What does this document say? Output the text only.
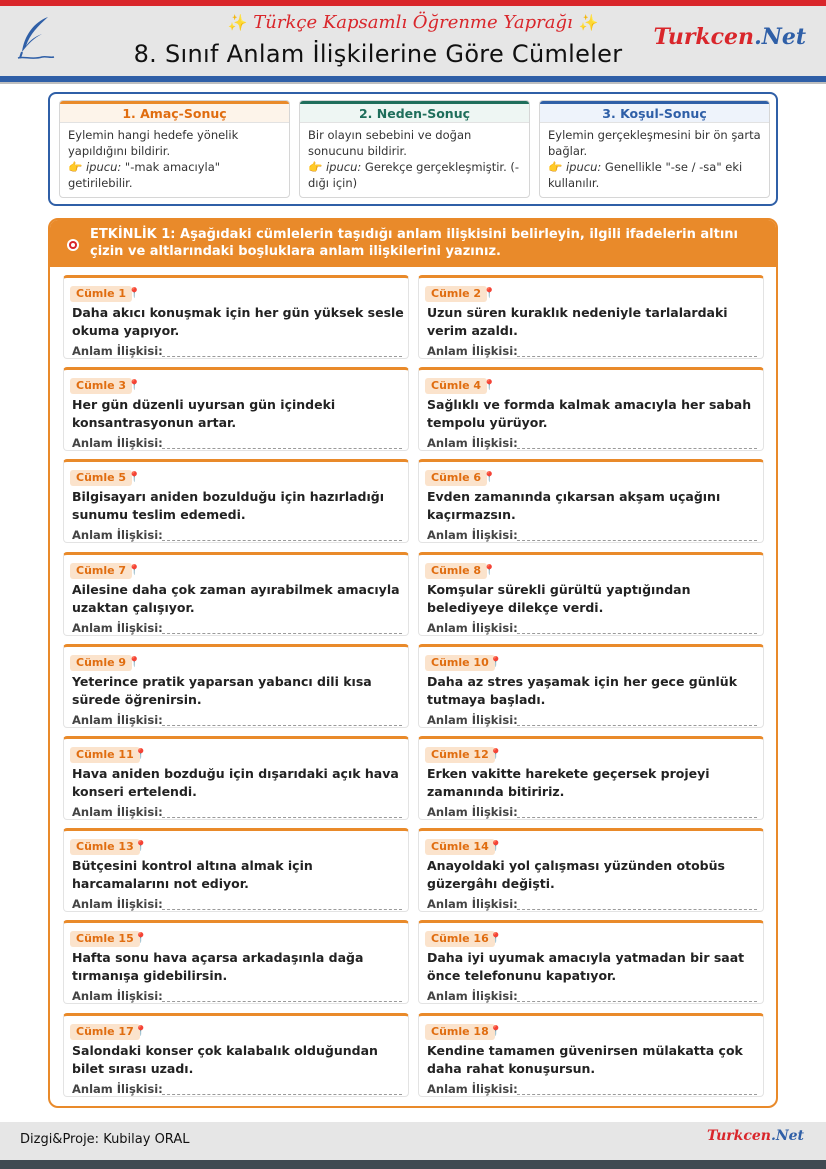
✨ Türkçe Kapsamlı Öğrenme Yaprağı ✨
8. Sınıf Anlam İlişkilerine Göre Cümleler
Turkcen.Net
1. Amaç-Sonuç
Eylemin hangi hedefe yönelik yapıldığını bildirir.
👉 ipucu: "-mak amacıyla" getirilebilir.
2. Neden-Sonuç
Bir olayın sebebini ve doğan sonucunu bildirir.
👉 ipucu: Gerekçe gerçekleşmiştir. (-dığı için)
3. Koşul-Sonuç
Eylemin gerçekleşmesini bir ön şarta bağlar.
👉 ipucu: Genellikle "-se / -sa" eki kullanılır.
ETKİNLİK 1: Aşağıdaki cümlelerin taşıdığı anlam ilişkisini belirleyin, ilgili ifadelerin altını çizin ve altlarındaki boşluklara anlam ilişkilerini yazınız.
Cümle 1 📍
Daha akıcı konuşmak için her gün yüksek sesle okuma yapıyor.
Anlam İlişkisi:
Cümle 2 📍
Uzun süren kuraklık nedeniyle tarlalardaki verim azaldı.
Anlam İlişkisi:
Cümle 3 📍
Her gün düzenli uyursan gün içindeki konsantrasyonun artar.
Anlam İlişkisi:
Cümle 4 📍
Sağlıklı ve formda kalmak amacıyla her sabah tempolu yürüyor.
Anlam İlişkisi:
Cümle 5 📍
Bilgisayarı aniden bozulduğu için hazırladığı sunumu teslim edemedi.
Anlam İlişkisi:
Cümle 6 📍
Evden zamanında çıkarsan akşam uçağını kaçırmazsın.
Anlam İlişkisi:
Cümle 7 📍
Ailesine daha çok zaman ayırabilmek amacıyla uzaktan çalışıyor.
Anlam İlişkisi:
Cümle 8 📍
Komşular sürekli gürültü yaptığından belediyeye dilekçe verdi.
Anlam İlişkisi:
Cümle 9 📍
Yeterince pratik yaparsan yabancı dili kısa sürede öğrenirsin.
Anlam İlişkisi:
Cümle 10 📍
Daha az stres yaşamak için her gece günlük tutmaya başladı.
Anlam İlişkisi:
Cümle 11 📍
Hava aniden bozduğu için dışarıdaki açık hava konseri ertelendi.
Anlam İlişkisi:
Cümle 12 📍
Erken vakitte harekete geçersek projeyi zamanında bitiririz.
Anlam İlişkisi:
Cümle 13 📍
Bütçesini kontrol altına almak için harcamalarını not ediyor.
Anlam İlişkisi:
Cümle 14 📍
Anayoldaki yol çalışması yüzünden otobüs güzergâhı değişti.
Anlam İlişkisi:
Cümle 15 📍
Hafta sonu hava açarsa arkadaşınla dağa tırmanışa gidebilirsin.
Anlam İlişkisi:
Cümle 16 📍
Daha iyi uyumak amacıyla yatmadan bir saat önce telefonunu kapatıyor.
Anlam İlişkisi:
Cümle 17 📍
Salondaki konser çok kalabalık olduğundan bilet sırası uzadı.
Anlam İlişkisi:
Cümle 18 📍
Kendine tamamen güvenirsen mülakatta çok daha rahat konuşursun.
Anlam İlişkisi:
Dizgi&Proje: Kubilay ORAL	Turkcen.Net
